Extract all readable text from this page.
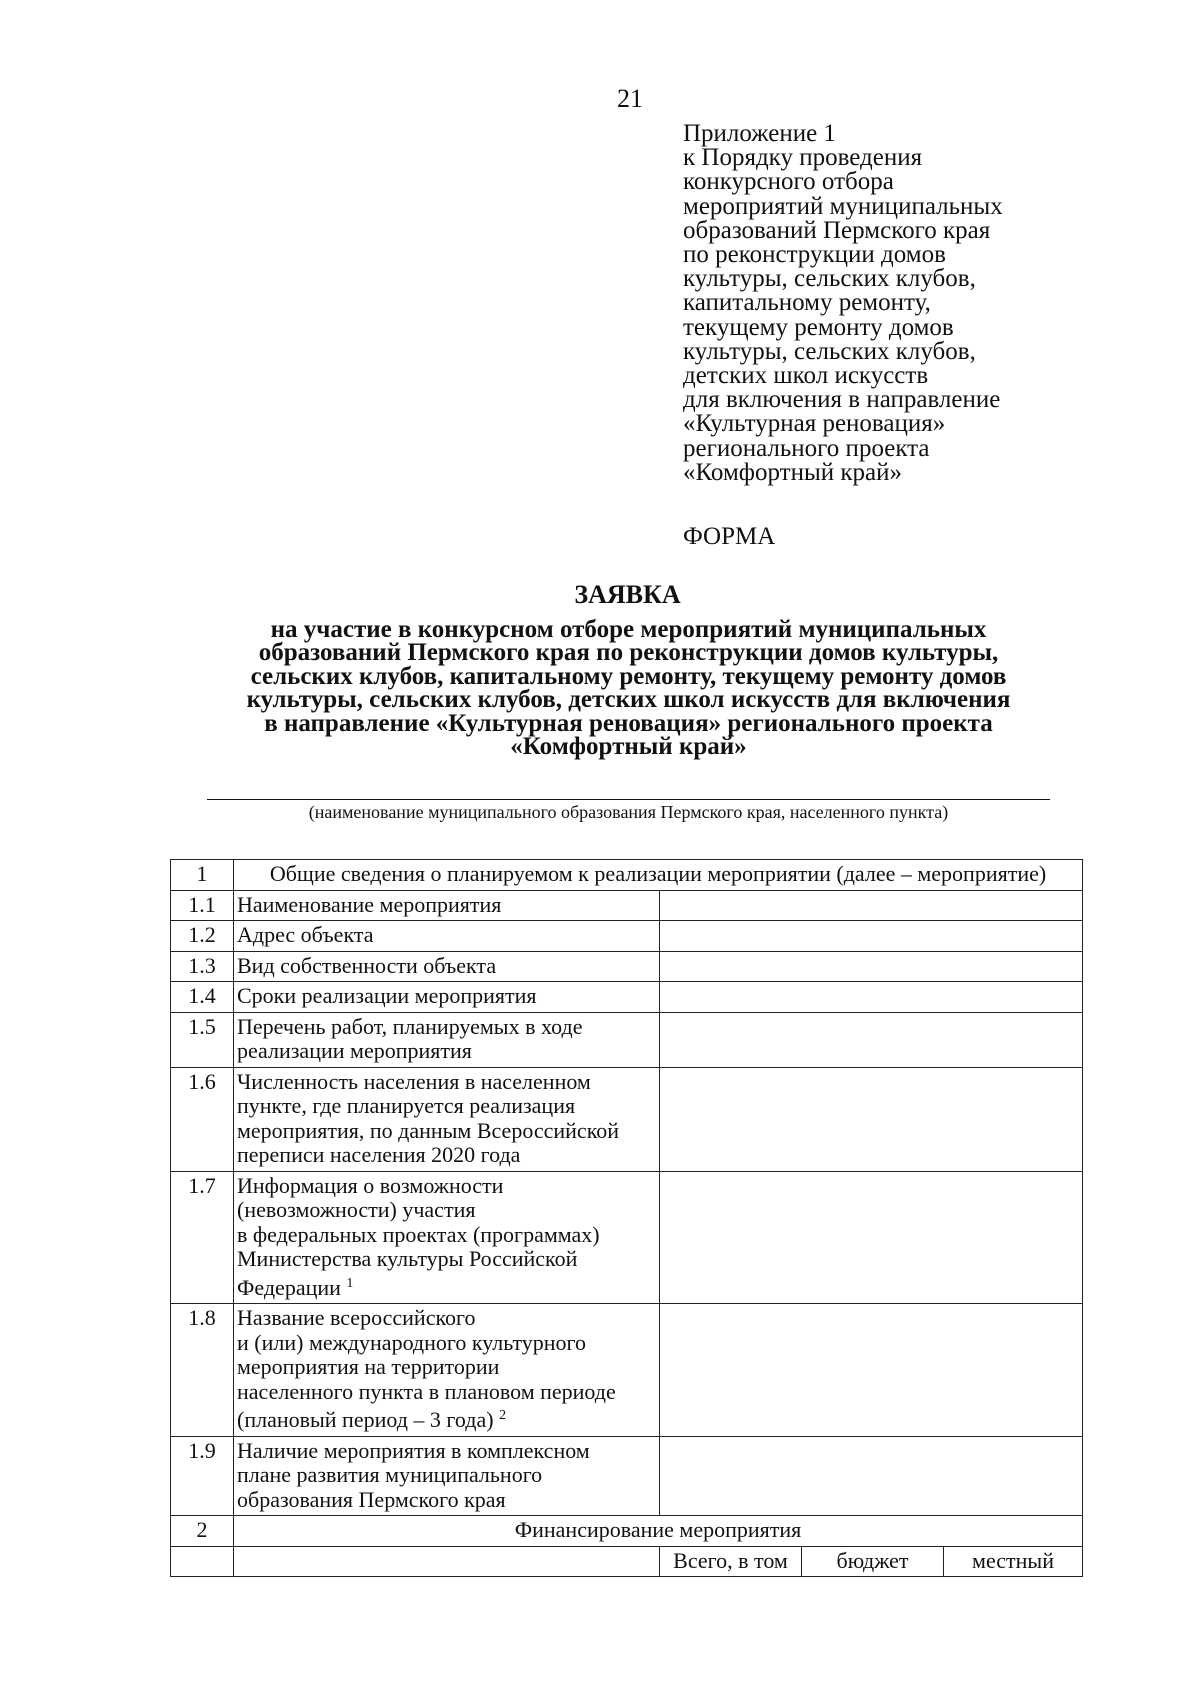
21
Приложение 1
к Порядку проведения
конкурсного отбора
мероприятий муниципальных
образований Пермского края
по реконструкции домов
культуры, сельских клубов,
капитальному ремонту,
текущему ремонту домов
культуры, сельских клубов,
детских школ искусств
для включения в направление
«Культурная реновация»
регионального проекта
«Комфортный край»
ФОРМА
ЗАЯВКА
на участие в конкурсном отборе мероприятий муниципальных
образований Пермского края по реконструкции домов культуры,
сельских клубов, капитальному ремонту, текущему ремонту домов
культуры, сельских клубов, детских школ искусств для включения
в направление «Культурная реновация» регионального проекта
«Комфортный край»
(наименование муниципального образования Пермского края, населенного пункта)
1	Общие сведения о планируемом к реализации мероприятии (далее – мероприятие)			
1.1	Наименование мероприятия			

1.2	Адрес объекта			

1.3	Вид собственности объекта			

1.4	Сроки реализации мероприятия			

1.5	Перечень работ, планируемых в ходе
реализации мероприятия			

1.6	Численность населения в населенном
пункте, где планируется реализация
мероприятия, по данным Всероссийской
переписи населения 2020 года			

1.7	Информация о возможности
(невозможности) участия
в федеральных проектах (программах)
Министерства культуры Российской
Федерации $^1$

1.8	Название всероссийского
и (или) международного культурного
мероприятия на территории
населенного пункта в плановом периоде
(плановый период – 3 года) $^2$

1.9	Наличие мероприятия в комплексном
плане развития муниципального
образования Пермского края			

2	Финансирование мероприятия			
		Всего, в том	бюджет	местный
